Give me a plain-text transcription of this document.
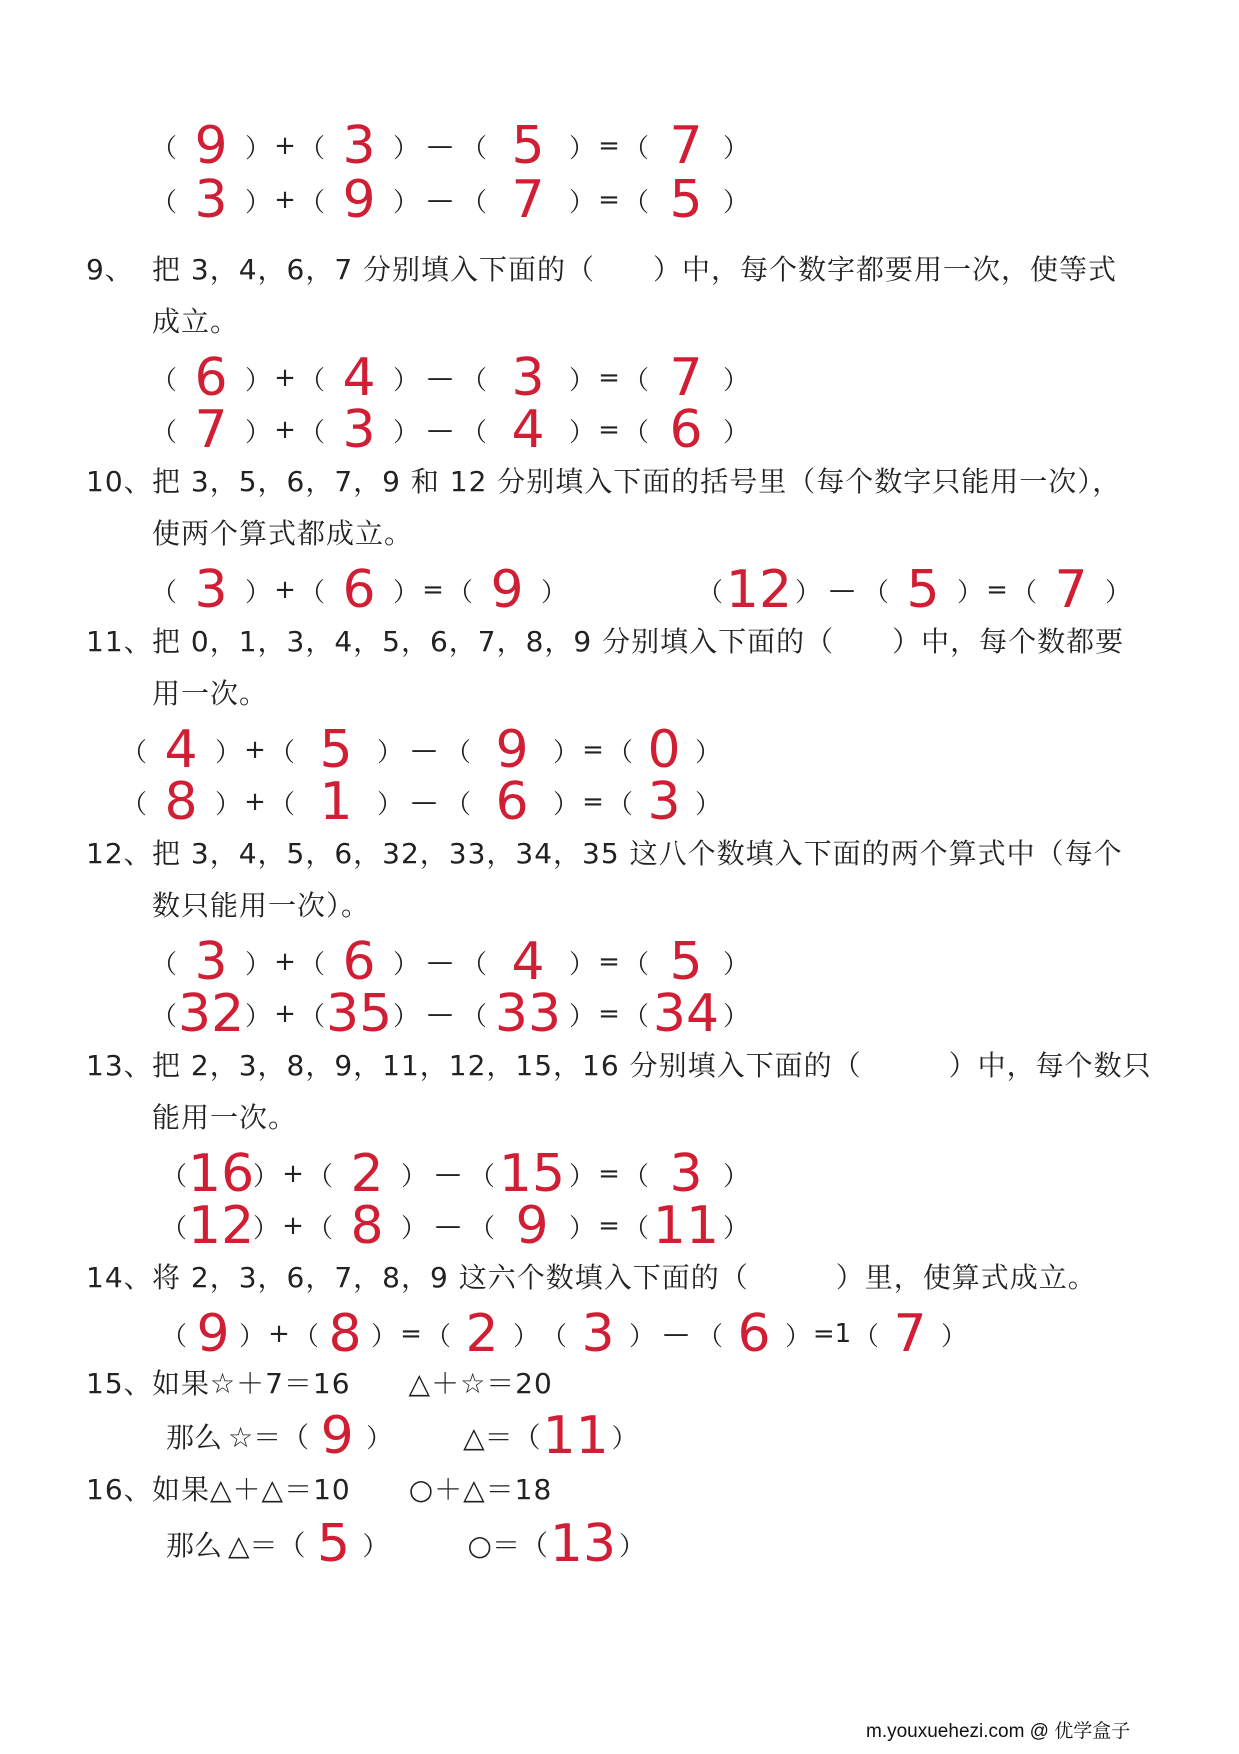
（ 9 ） + （ 3 ） — （ 5 ） = （ 7 ）
（ 3 ） + （ 9 ） — （ 7 ） = （ 5 ）
9、 把 3，4，6，7 分别填入下面的（　　）中，每个数字都要用一次，使等式
成立。
（ 6 ） + （ 4 ） — （ 3 ） = （ 7 ）
（ 7 ） + （ 3 ） — （ 4 ） = （ 6 ）
10、把 3，5，6，7，9 和 12 分别填入下面的括号里（每个数字只能用一次），
使两个算式都成立。
（ 3 ） + （ 6 ） = （ 9 ）	（ 12 ） — （ 5 ） = （ 7 ）
11、把 0，1，3，4，5，6，7，8，9 分别填入下面的（　　）中，每个数都要
用一次。
（ 4 ） + （ 5 ） — （ 9 ） = （ 0 ）
（ 8 ） + （ 1 ） — （ 6 ） = （ 3 ）
12、把 3，4，5，6，32，33，34，35 这八个数填入下面的两个算式中（每个
数只能用一次）。
（ 3 ） + （ 6 ） — （ 4 ） = （ 5 ）
（ 32 ） + （ 35 ） — （ 33 ） = （ 34 ）
13、把 2，3，8，9，11，12，15，16 分别填入下面的（　　　）中，每个数只
能用一次。
（ 16
） + （ 2 ） — （ 15 ） = （ 3 ）
（ 12
） + （ 8 ） — （ 9 ） = （ 11 ）
14、将 2，3，6，7，8，9 这六个数填入下面的（　　　）里，使算式成立。
（ 9 ） + （ 8 ） = （ 2 ） （ 3 ） — （ 6 ） =1 （ 7 ）
15、如果☆＋7＝16　　△＋☆＝20
那么 ☆＝（ 9 ）	△＝（ 11 ）
16、如果△＋△＝10　　○＋△＝18
那么 △＝（ 5 ）	○＝（ 13 ）
m.youxuehezi.com @ 优学盒子
